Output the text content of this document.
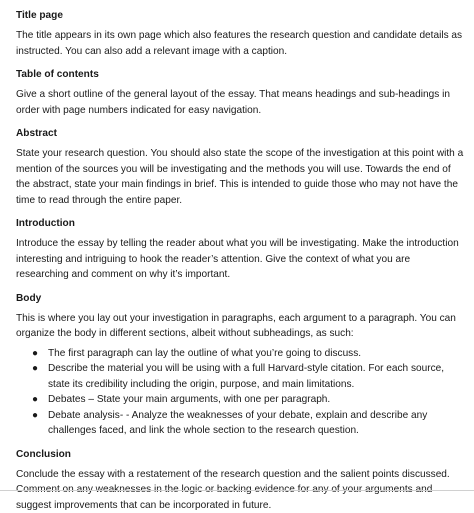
Title page

The title appears in its own page which also features the research question and candidate details as instructed. You can also add a relevant image with a caption.

Table of contents

Give a short outline of the general layout of the essay. That means headings and sub-headings in order with page numbers indicated for easy navigation.

Abstract

State your research question. You should also state the scope of the investigation at this point with a mention of the sources you will be investigating and the methods you will use. Towards the end of the abstract, state your main findings in brief. This is intended to guide those who may not have the time to read through the entire paper.

Introduction

Introduce the essay by telling the reader about what you will be investigating. Make the introduction interesting and intriguing to hook the reader’s attention. Give the context of what you are researching and comment on why it’s important.

Body

This is where you lay out your investigation in paragraphs, each argument to a paragraph. You can organize the body in different sections, albeit without subheadings, as such:

● The first paragraph can lay the outline of what you’re going to discuss.
● Describe the material you will be using with a full Harvard-style citation. For each source, state its credibility including the origin, purpose, and main limitations.
● Debates – State your main arguments, with one per paragraph.
● Debate analysis- - Analyze the weaknesses of your debate, explain and describe any challenges faced, and link the whole section to the research question.
Conclusion

Conclude the essay with a restatement of the research question and the salient points discussed. suggest improvements that can be incorporated in future.
